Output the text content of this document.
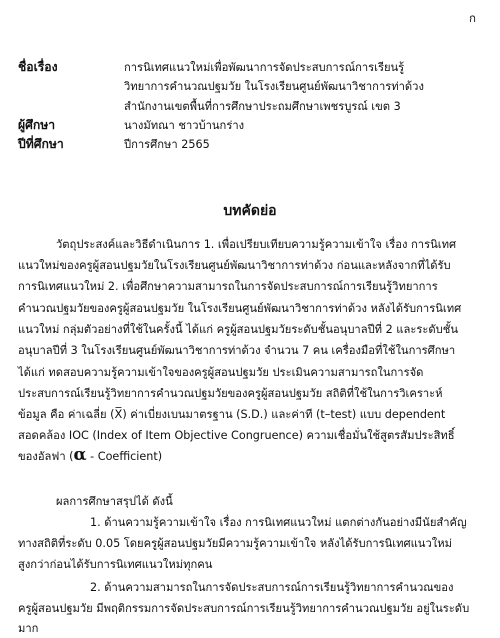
ก
ชื่อเรื่อง	การนิเทศแนวใหม่เพื่อพัฒนาการจัดประสบการณ์การเรียนรู้
วิทยาการคำนวณปฐมวัย ในโรงเรียนศูนย์พัฒนาวิชาการท่าด้วง
สำนักงานเขตพื้นที่การศึกษาประถมศึกษาเพชรบูรณ์ เขต 3
ผู้ศึกษา	นางมัทณา ชาวบ้านกร่าง
ปีที่ศึกษา	ปีการศึกษา 2565
บทคัดย่อ
วัตถุประสงค์และวิธีดำเนินการ 1. เพื่อเปรียบเทียบความรู้ความเข้าใจ เรื่อง การนิเทศ
แนวใหม่ของครูผู้สอนปฐมวัยในโรงเรียนศูนย์พัฒนาวิชาการท่าด้วง ก่อนและหลังจากที่ได้รับ
การนิเทศแนวใหม่ 2. เพื่อศึกษาความสามารถในการจัดประสบการณ์การเรียนรู้วิทยาการ
คำนวณปฐมวัยของครูผู้สอนปฐมวัย ในโรงเรียนศูนย์พัฒนาวิชาการท่าด้วง หลังได้รับการนิเทศ
แนวใหม่ กลุ่มตัวอย่างที่ใช้ในครั้งนี้ ได้แก่ ครูผู้สอนปฐมวัยระดับชั้นอนุบาลปีที่ 2 และระดับชั้น
อนุบาลปีที่ 3 ในโรงเรียนศูนย์พัฒนาวิชาการท่าด้วง จำนวน 7 คน เครื่องมือที่ใช้ในการศึกษา
ได้แก่ ทดสอบความรู้ความเข้าใจของครูผู้สอนปฐมวัย ประเมินความสามารถในการจัด
ประสบการณ์เรียนรู้วิทยาการคำนวณปฐมวัยของครูผู้สอนปฐมวัย สถิติที่ใช้ในการวิเคราะห์
ข้อมูล คือ ค่าเฉลี่ย (X̅) ค่าเบี่ยงเบนมาตรฐาน (S.D.) และค่าที (t–test) แบบ dependent
สอดคล้อง IOC (Index of Item Objective Congruence) ความเชื่อมั่นใช้สูตรสัมประสิทธิ์
ของอัลฟา (α - Coefficient)
ผลการศึกษาสรุปได้ ดังนี้
1. ด้านความรู้ความเข้าใจ เรื่อง การนิเทศแนวใหม่ แตกต่างกันอย่างมีนัยสำคัญ
ทางสถิติที่ระดับ 0.05 โดยครูผู้สอนปฐมวัยมีความรู้ความเข้าใจ หลังได้รับการนิเทศแนวใหม่
สูงกว่าก่อนได้รับการนิเทศแนวใหม่ทุกคน
2. ด้านความสามารถในการจัดประสบการณ์การเรียนรู้วิทยาการคำนวณของ
ครูผู้สอนปฐมวัย มีพฤติกรรมการจัดประสบการณ์การเรียนรู้วิทยาการคำนวณปฐมวัย อยู่ในระดับ
มาก
